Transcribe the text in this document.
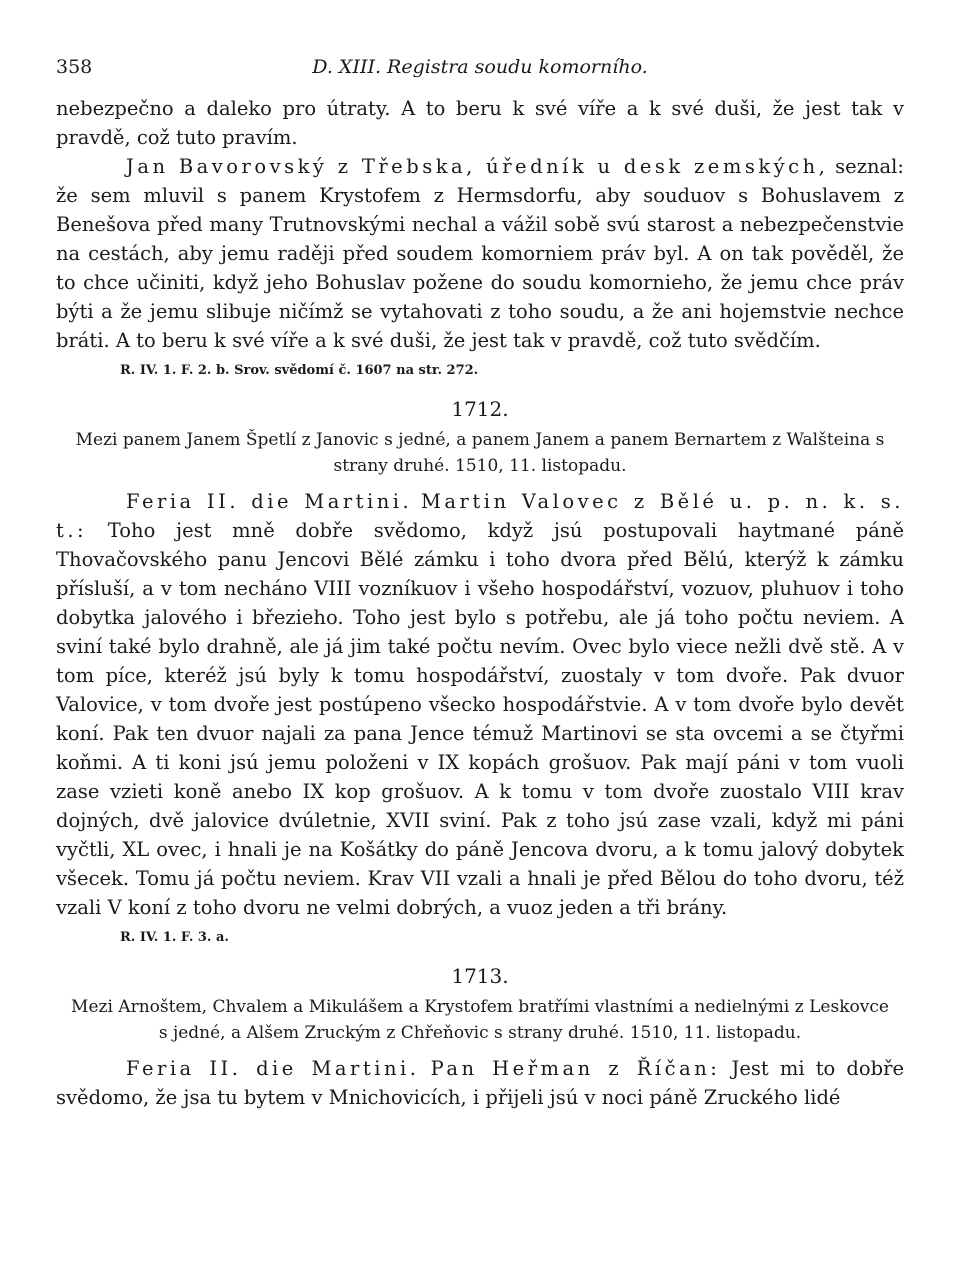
358	D. XIII. Registra soudu komorního.

nebezpečno a daleko pro útraty. A to beru k své víře a k své duši, že jest tak v pravdě, což tuto pravím.

Jan Bavorovský z Třebska, úředník u desk zemských, seznal: že sem mluvil s panem Krystofem z Hermsdorfu, aby souduov s Bohuslavem z Benešova před many Trutnovskými nechal a vážil sobě svú starost a nebezpečenstvie na cestách, aby jemu raději před soudem komorniem práv byl. A on tak pověděl, že to chce učiniti, když jeho Bohuslav požene do soudu komornieho, že jemu chce práv býti a že jemu slibuje ničímž se vytahovati z toho soudu, a že ani hojemstvie nechce bráti. A to beru k své víře a k své duši, že jest tak v pravdě, což tuto svědčím.

R. IV. 1. F. 2. b. Srov. svědomí č. 1607 na str. 272.
1712.
Mezi panem Janem Špetlí z Janovic s jedné, a panem Janem a panem Bernartem z Walšteina s strany druhé. 1510, 11. listopadu.

Feria II. die Martini. Martin Valovec z Bělé u. p. n. k. s. t.: Toho jest mně dobře svědomo, když jsú postupovali haytmané páně Thovačovského panu Jencovi Bělé zámku i toho dvora před Bělú, kterýž k zámku přísluší, a v tom necháno VIII vozníkuov i všeho hospodářství, vozuov, pluhuov i toho dobytka jalového i březieho. Toho jest bylo s potřebu, ale já toho počtu neviem. A sviní také bylo drahně, ale já jim také počtu nevím. Ovec bylo viece nežli dvě stě. A v tom píce, kteréž jsú byly k tomu hospodářství, zuostaly v tom dvoře. Pak dvuor Valovice, v tom dvoře jest postúpeno všecko hospodářstvie. A v tom dvoře bylo devět koní. Pak ten dvuor najali za pana Jence témuž Martinovi se sta ovcemi a se čtyřmi koňmi. A ti koni jsú jemu položeni v IX kopách grošuov. Pak mají páni v tom vuoli zase vzieti koně anebo IX kop grošuov. A k tomu v tom dvoře zuostalo VIII krav dojných, dvě jalovice dvúletnie, XVII sviní. Pak z toho jsú zase vzali, když mi páni vyčtli, XL ovec, i hnali je na Košátky do páně Jencova dvoru, a k tomu jalový dobytek všecek. Tomu já počtu neviem. Krav VII vzali a hnali je před Bělou do toho dvoru, též vzali V koní z toho dvoru ne velmi dobrých, a vuoz jeden a tři brány.

R. IV. 1. F. 3. a.
1713.
Mezi Arnoštem, Chvalem a Mikulášem a Krystofem bratřími vlastními a nedielnými z Leskovce s jedné, a Alšem Zruckým z Chřeňovic s strany druhé. 1510, 11. listopadu.

Feria II. die Martini. Pan Heřman z Říčan: Jest mi to dobře svědomo, že jsa tu bytem v Mnichovicích, i přijeli jsú v noci páně Zruckého lidé
